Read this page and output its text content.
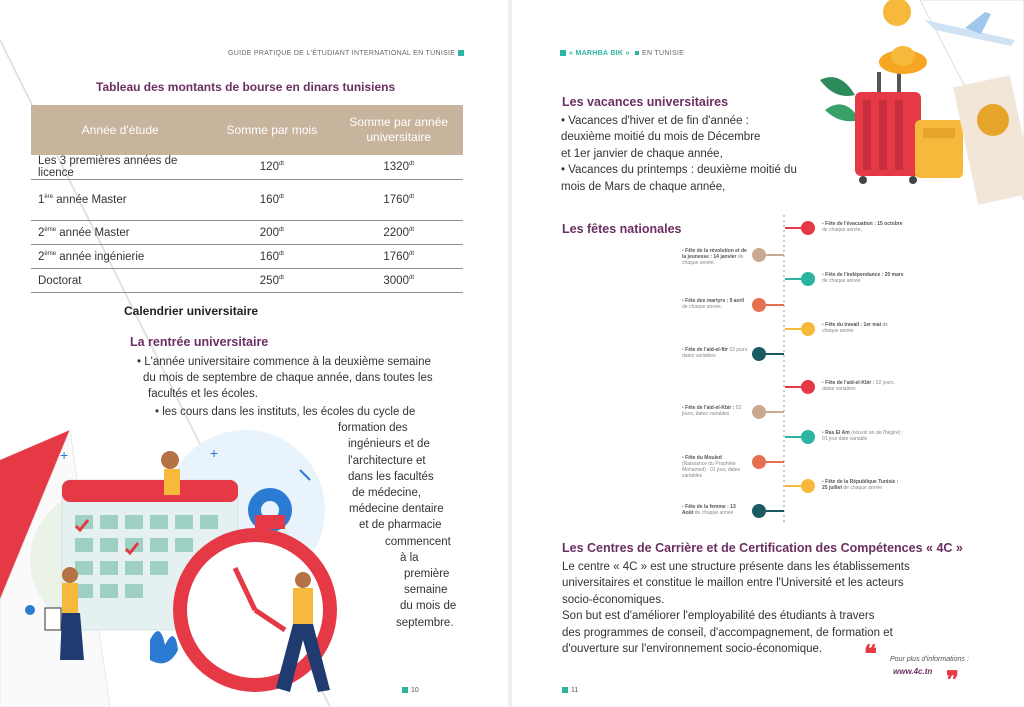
+
+
GUIDE PRATIQUE DE L'ÉTUDIANT INTERNATIONAL EN TUNISIE	« MARHBA BIK » EN TUNISIE
Tableau des montants de bourse en dinars tunisiens
Année d'étude	Somme par mois	Somme par année universitaire
Les 3 premières années de licence	$120^{dt}$	$1320^{dt}$
1ère année Master	$160^{dt}$	$1760^{dt}$
2ème année Master	$200^{dt}$	$2200^{dt}$
2ème année ingénierie	$160^{dt}$	$1760^{dt}$
Doctorat	$250^{dt}$	$3000^{dt}$
Calendrier universitaire
La rentrée universitaire
• L'année universitaire commence à la deuxième semaine
du mois de septembre de chaque année, dans toutes les
facultés et les écoles.
• les cours dans les instituts, les écoles du cycle de
formation des
ingénieurs et de
l'architecture et
dans les facultés
de médecine,
médecine dentaire
et de pharmacie
commencent
à la
première
semaine
du mois de
septembre.
Les vacances universitaires
• Vacances d'hiver et de fin d'année :
deuxième moitié du mois de Décembre
et 1er janvier de chaque année,
• Vacances du printemps : deuxième moitié du
mois de Mars de chaque année,
Les fêtes nationales
• Fête de la révolution et de la jeunesse : 14 janvier de chaque année,
• Fête des martyrs : 9 avril de chaque année,
• Fête de l'aid-el-fitr 03 jours dates variables
• Fête de l'aid-el-Kbir : 02 jours, dates variables
• Fête du Mouled (Naissance du Prophète Mohamed) : 01 jour, dates variables
• Fête de la femme : 13 Août de chaque année
• Fête de l'évacuation : 15 octobre de chaque année,
• Fête de l'indépendance : 20 mars de chaque année
• Fête du travail : 1er mai de chaque année
• Fête de l'aid-el-Kbir : 02 jours, dates variables
• Ras El Am (nouvel an de l'hégire) : 01 jour date variable
• Fête de la République Tunisie : 25 juillet de chaque année
Les Centres de Carrière et de Certification des Compétences « 4C »
Le centre « 4C » est une structure présente dans les établissements
universitaires et constitue le maillon entre l'Université et les acteurs
socio-économiques.
Son but est d'améliorer l'employabilité des étudiants à travers
des programmes de conseil, d'accompagnement, de formation et
d'ouverture sur l'environnement socio-économique.	❝ Pour plus d'informations :
www.4c.tn ❞
10	11
